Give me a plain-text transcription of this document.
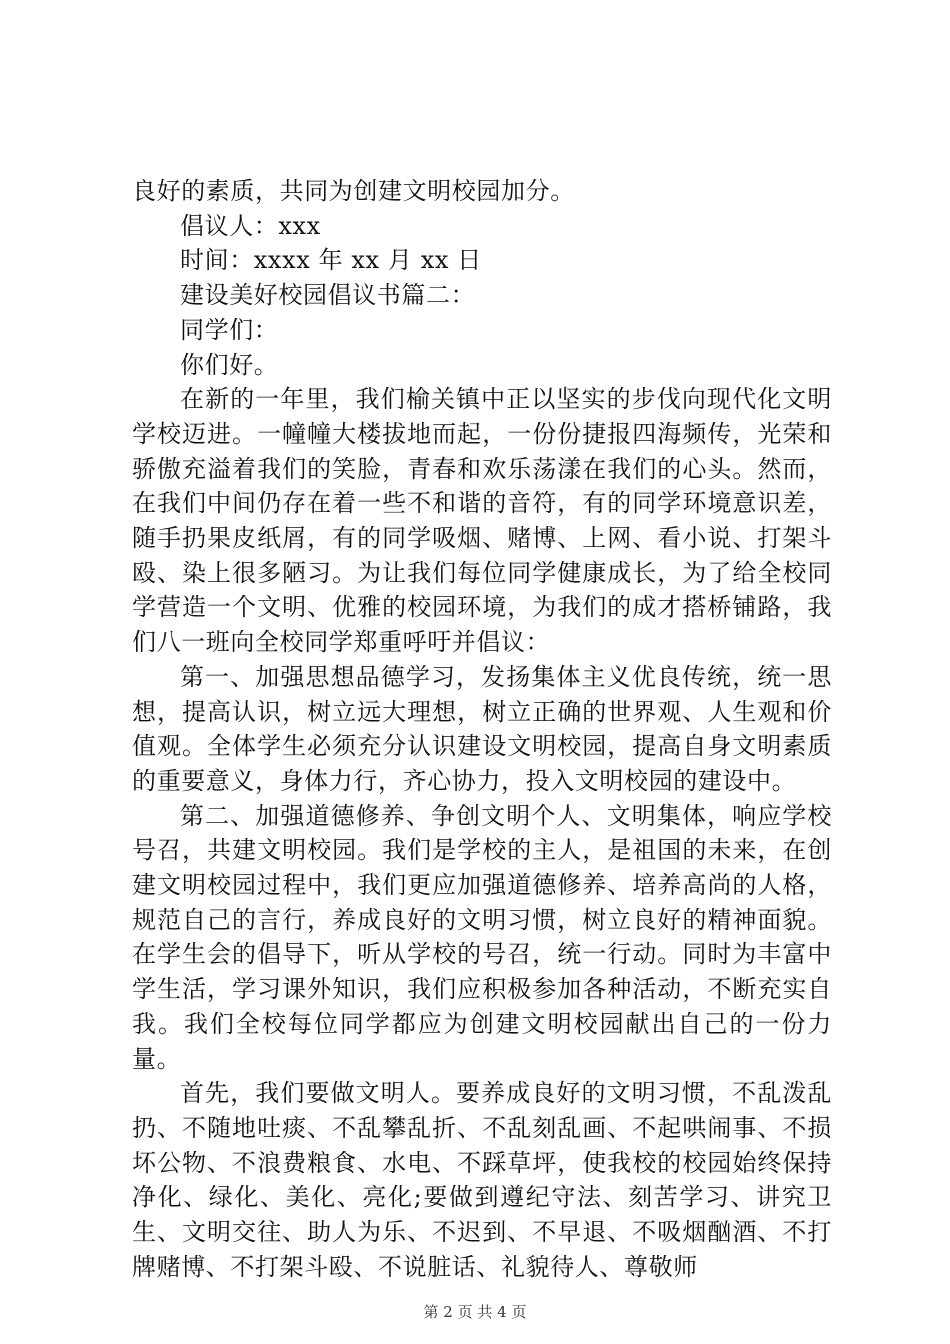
良好的素质，共同为创建文明校园加分。

倡议人：xxx

时间：xxxx 年 xx 月 xx 日

建设美好校园倡议书篇二：

同学们：

你们好。

在新的一年里，我们榆关镇中正以坚实的步伐向现代化文明学校迈进。一幢幢大楼拔地而起，一份份捷报四海频传，光荣和骄傲充溢着我们的笑脸，青春和欢乐荡漾在我们的心头。然而，在我们中间仍存在着一些不和谐的音符，有的同学环境意识差，随手扔果皮纸屑，有的同学吸烟、赌博、上网、看小说、打架斗殴、染上很多陋习。为让我们每位同学健康成长，为了给全校同学营造一个文明、优雅的校园环境，为我们的成才搭桥铺路，我们八一班向全校同学郑重呼吁并倡议：

第一、加强思想品德学习，发扬集体主义优良传统，统一思想，提高认识，树立远大理想，树立正确的世界观、人生观和价值观。全体学生必须充分认识建设文明校园，提高自身文明素质的重要意义，身体力行，齐心协力，投入文明校园的建设中。

第二、加强道德修养、争创文明个人、文明集体，响应学校号召，共建文明校园。我们是学校的主人，是祖国的未来，在创建文明校园过程中，我们更应加强道德修养、培养高尚的人格，规范自己的言行，养成良好的文明习惯，树立良好的精神面貌。在学生会的倡导下，听从学校的号召，统一行动。同时为丰富中学生活，学习课外知识，我们应积极参加各种活动，不断充实自我。我们全校每位同学都应为创建文明校园献出自己的一份力量。

首先，我们要做文明人。要养成良好的文明习惯，不乱泼乱扔、不随地吐痰、不乱攀乱折、不乱刻乱画、不起哄闹事、不损坏公物、不浪费粮食、水电、不踩草坪，使我校的校园始终保持净化、绿化、美化、亮化;要做到遵纪守法、刻苦学习、讲究卫生、文明交往、助人为乐、不迟到、不早退、不吸烟酗酒、不打牌赌博、不打架斗殴、不说脏话、礼貌待人、尊敬师

第 2 页 共 4 页
